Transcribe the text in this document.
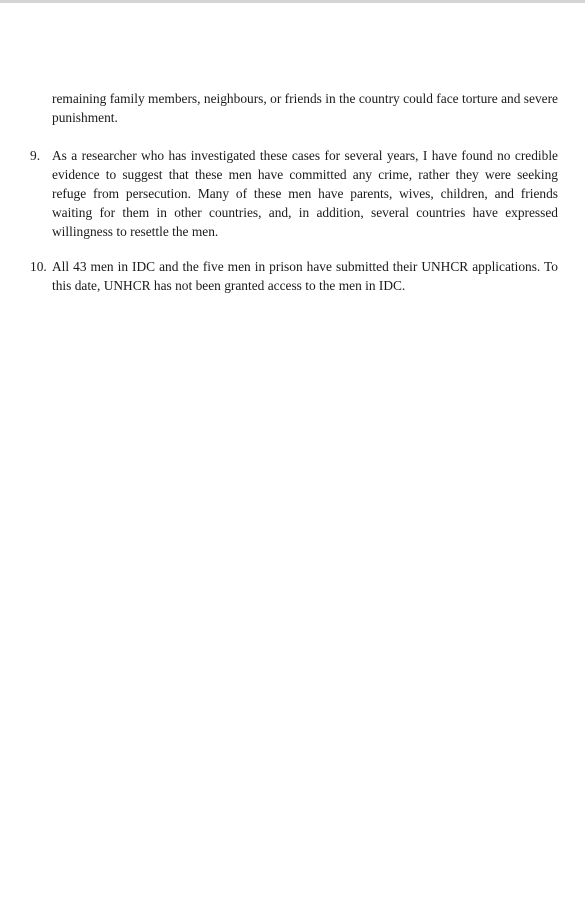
remaining family members, neighbours, or friends in the country could face torture and severe punishment.

9. As a researcher who has investigated these cases for several years, I have found no credible evidence to suggest that these men have committed any crime, rather they were seeking refuge from persecution. Many of these men have parents, wives, children, and friends waiting for them in other countries, and, in addition, several countries have expressed willingness to resettle the men.
10. All 43 men in IDC and the five men in prison have submitted their UNHCR applications. To this date, UNHCR has not been granted access to the men in IDC.
